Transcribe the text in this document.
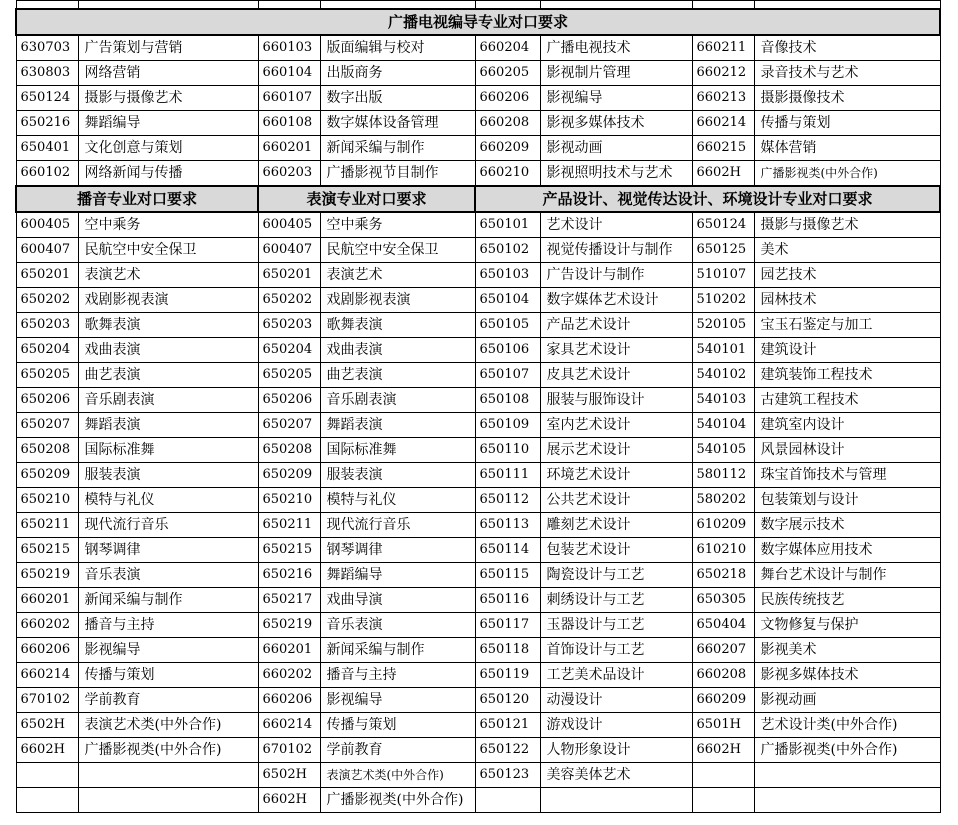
广播电视编导专业对口要求							
630703	广告策划与营销	660103	版面编辑与校对	660204	广播电视技术	660211	音像技术
630803	网络营销	660104	出版商务	660205	影视制片管理	660212	录音技术与艺术
650124	摄影与摄像艺术	660107	数字出版	660206	影视编导	660213	摄影摄像技术
650216	舞蹈编导	660108	数字媒体设备管理	660208	影视多媒体技术	660214	传播与策划
650401	文化创意与策划	660201	新闻采编与制作	660209	影视动画	660215	媒体营销
660102	网络新闻与传播	660203	广播影视节目制作	660210	影视照明技术与艺术	6602H	广播影视类(中外合作)
播音专业对口要求		表演专业对口要求		产品设计、视觉传达设计、环境设计专业对口要求			
600405	空中乘务	600405	空中乘务	650101	艺术设计	650124	摄影与摄像艺术
600407	民航空中安全保卫	600407	民航空中安全保卫	650102	视觉传播设计与制作	650125	美术
650201	表演艺术	650201	表演艺术	650103	广告设计与制作	510107	园艺技术
650202	戏剧影视表演	650202	戏剧影视表演	650104	数字媒体艺术设计	510202	园林技术
650203	歌舞表演	650203	歌舞表演	650105	产品艺术设计	520105	宝玉石鉴定与加工
650204	戏曲表演	650204	戏曲表演	650106	家具艺术设计	540101	建筑设计
650205	曲艺表演	650205	曲艺表演	650107	皮具艺术设计	540102	建筑装饰工程技术
650206	音乐剧表演	650206	音乐剧表演	650108	服装与服饰设计	540103	古建筑工程技术
650207	舞蹈表演	650207	舞蹈表演	650109	室内艺术设计	540104	建筑室内设计
650208	国际标准舞	650208	国际标准舞	650110	展示艺术设计	540105	风景园林设计
650209	服装表演	650209	服装表演	650111	环境艺术设计	580112	珠宝首饰技术与管理
650210	模特与礼仪	650210	模特与礼仪	650112	公共艺术设计	580202	包装策划与设计
650211	现代流行音乐	650211	现代流行音乐	650113	雕刻艺术设计	610209	数字展示技术
650215	钢琴调律	650215	钢琴调律	650114	包装艺术设计	610210	数字媒体应用技术
650219	音乐表演	650216	舞蹈编导	650115	陶瓷设计与工艺	650218	舞台艺术设计与制作
660201	新闻采编与制作	650217	戏曲导演	650116	刺绣设计与工艺	650305	民族传统技艺
660202	播音与主持	650219	音乐表演	650117	玉器设计与工艺	650404	文物修复与保护
660206	影视编导	660201	新闻采编与制作	650118	首饰设计与工艺	660207	影视美术
660214	传播与策划	660202	播音与主持	650119	工艺美术品设计	660208	影视多媒体技术
670102	学前教育	660206	影视编导	650120	动漫设计	660209	影视动画
6502H	表演艺术类(中外合作)	660214	传播与策划	650121	游戏设计	6501H	艺术设计类(中外合作)
6602H	广播影视类(中外合作)	670102	学前教育	650122	人物形象设计	6602H	广播影视类(中外合作)
		6502H	表演艺术类(中外合作)	650123	美容美体艺术		
		6602H	广播影视类(中外合作)				
